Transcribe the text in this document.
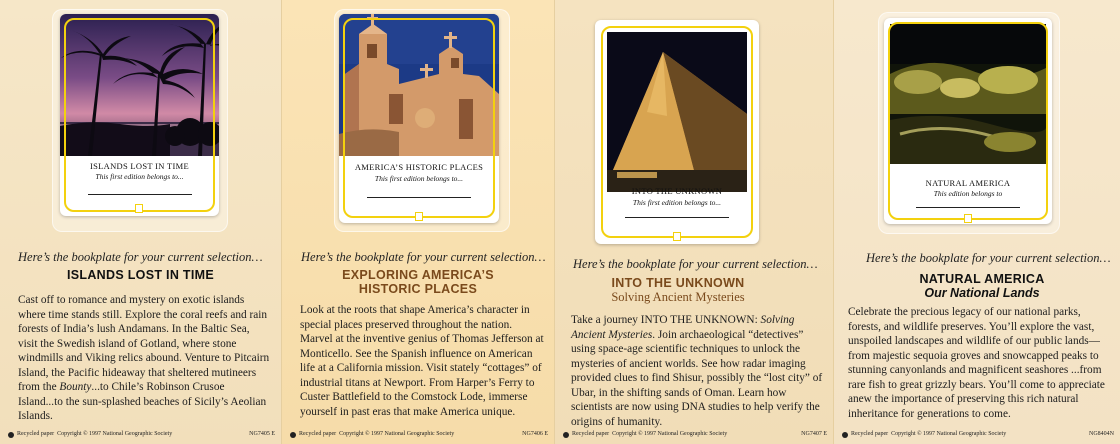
ISLANDS LOST IN TIME
This first edition belongs to...
Here’s the bookplate for your current selection…
ISLANDS LOST IN TIME
Cast off to romance and mystery on exotic islands where time stands still. Explore the coral reefs and rain forests of India’s lush Andamans. In the Baltic Sea, visit the Swedish island of Gotland, where stone windmills and Viking relics abound. Venture to Pitcairn Island, the Pacific hideaway that sheltered mutineers from the Bounty...to Chile’s Robinson Crusoe Island...to the sun-splashed beaches of Sicily’s Aeolian Islands.
Recycled paper
Copyright © 1997 National Geographic Society	NG7405 E
AMERICA’S HISTORIC PLACES
This first edition belongs to...
Here’s the bookplate for your current selection…
EXPLORING AMERICA’S
HISTORIC PLACES
Look at the roots that shape America’s character in special places preserved throughout the nation. Marvel at the inventive genius of Thomas Jefferson at Monticello. See the Spanish influence on American life at a California mission. Visit stately “cottages” of industrial titans at Newport. From Harper’s Ferry to Custer Battlefield to the Comstock Lode, immerse yourself in past eras that make America unique.
Recycled paper
Copyright © 1997 National Geographic Society	NG7406 E
INTO THE UNKNOWN
This first edition belongs to...
Here’s the bookplate for your current selection…
INTO THE UNKNOWN
Solving Ancient Mysteries
Take a journey INTO THE UNKNOWN: Solving Ancient Mysteries. Join archaeological “detectives” using space-age scientific techniques to unlock the mysteries of ancient worlds. See how radar imaging provided clues to find Shisur, possibly the “lost city” of Ubar, in the shifting sands of Oman. Learn how scientists are now using DNA studies to help verify the origins of humanity.
Recycled paper
Copyright © 1997 National Geographic Society	NG7407 E
NATURAL AMERICA
This edition belongs to
Here’s the bookplate for your current selection…
NATURAL AMERICA
Our National Lands
Celebrate the precious legacy of our national parks, forests, and wildlife preserves. You’ll explore the vast, unspoiled landscapes and wildlife of our public lands—from majestic sequoia groves and snowcapped peaks to stunning canyonlands and magnificent seashores ...from rare fish to great grizzly bears. You’ll come to appreciate anew the importance of preserving this rich natural inheritance for generations to come.
Recycled paper
Copyright © 1997 National Geographic Society	NG8404N
